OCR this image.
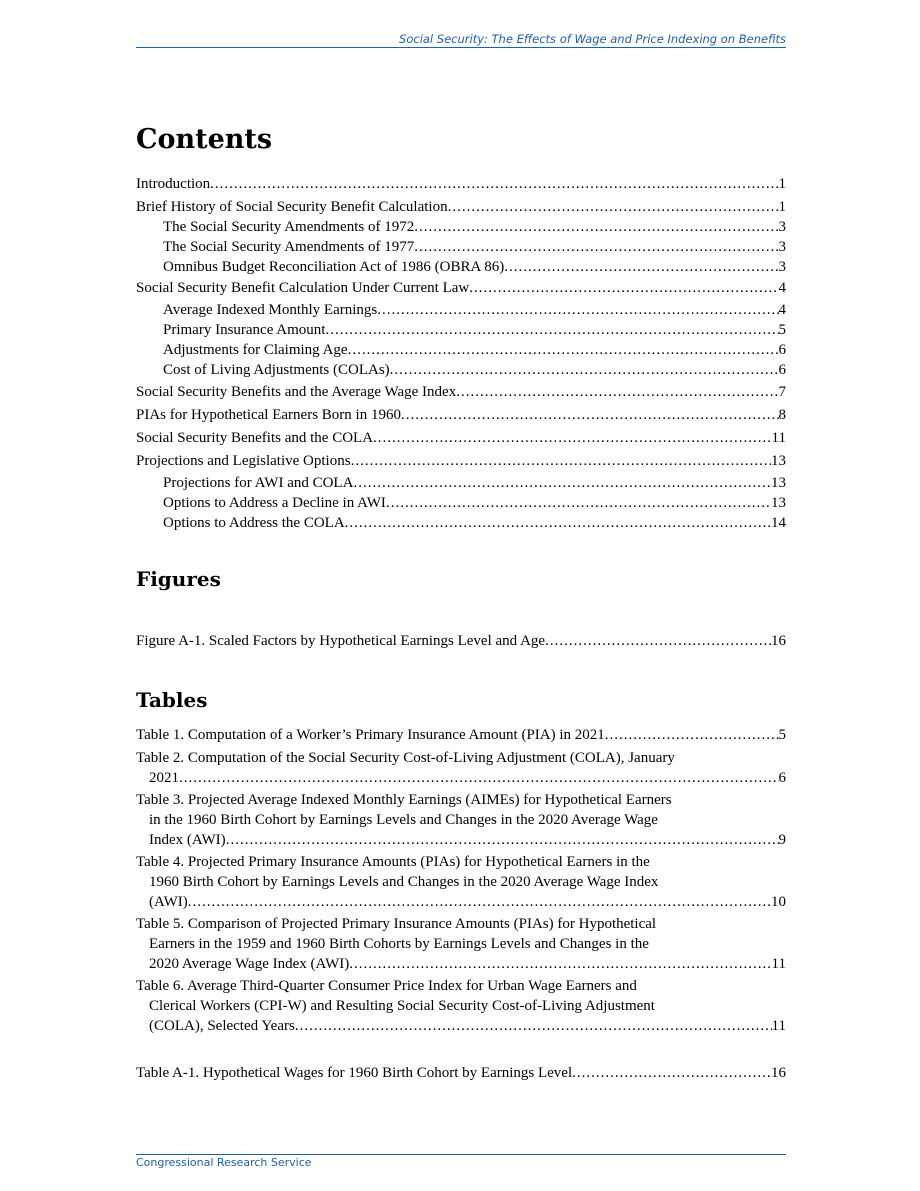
Social Security: The Effects of Wage and Price Indexing on Benefits
Contents
Introduction .....	1
Brief History of Social Security Benefit Calculation .....	1
The Social Security Amendments of 1972 .....	3
The Social Security Amendments of 1977 .....	3
Omnibus Budget Reconciliation Act of 1986 (OBRA 86) .....	3
Social Security Benefit Calculation Under Current Law .....	4
Average Indexed Monthly Earnings .....	4
Primary Insurance Amount .....	5
Adjustments for Claiming Age .....	6
Cost of Living Adjustments (COLAs) .....	6
Social Security Benefits and the Average Wage Index .....	7
PIAs for Hypothetical Earners Born in 1960 .....	8
Social Security Benefits and the COLA .....	11
Projections and Legislative Options .....	13
Projections for AWI and COLA .....	13
Options to Address a Decline in AWI .....	13
Options to Address the COLA .....	14
Figures
Figure A-1. Scaled Factors by Hypothetical Earnings Level and Age .....	16
Tables
Table 1. Computation of a Worker’s Primary Insurance Amount (PIA) in 2021 .....	5
Table 2. Computation of the Social Security Cost-of-Living Adjustment (COLA), January
2021 .....	6
Table 3. Projected Average Indexed Monthly Earnings (AIMEs) for Hypothetical Earners
in the 1960 Birth Cohort by Earnings Levels and Changes in the 2020 Average Wage
Index (AWI) .....	9
Table 4. Projected Primary Insurance Amounts (PIAs) for Hypothetical Earners in the
1960 Birth Cohort by Earnings Levels and Changes in the 2020 Average Wage Index
(AWI) .....	10
Table 5. Comparison of Projected Primary Insurance Amounts (PIAs) for Hypothetical
Earners in the 1959 and 1960 Birth Cohorts by Earnings Levels and Changes in the
2020 Average Wage Index (AWI) .....	11
Table 6. Average Third-Quarter Consumer Price Index for Urban Wage Earners and
Clerical Workers (CPI-W) and Resulting Social Security Cost-of-Living Adjustment
(COLA), Selected Years .....	11
Table A-1. Hypothetical Wages for 1960 Birth Cohort by Earnings Level .....	16
Congressional Research Service
